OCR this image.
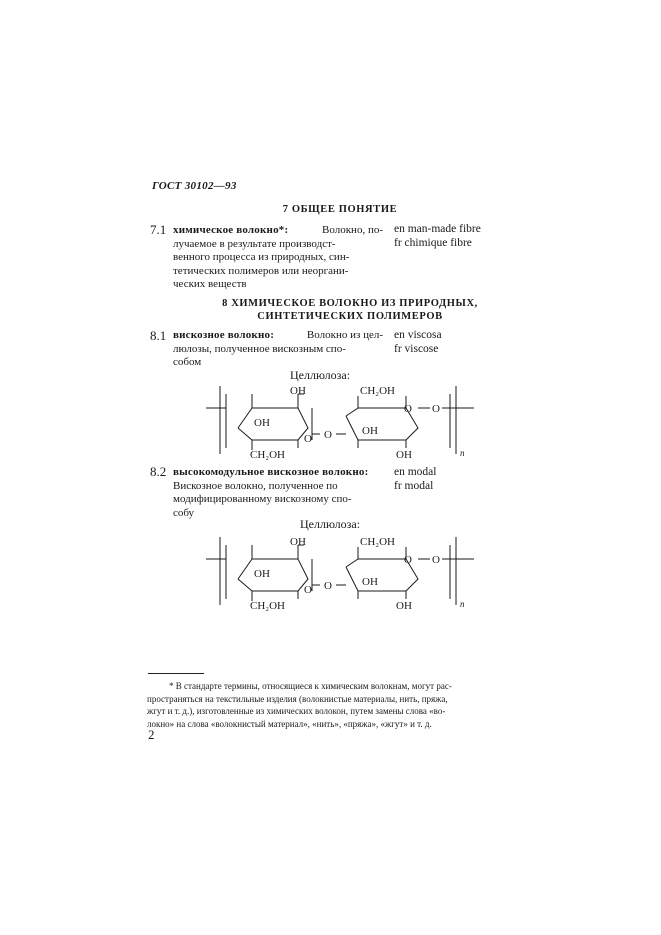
ГОСТ 30102—93
7 ОБЩЕЕ ПОНЯТИЕ
7.1 химическое волокно*:	Волокно, по-
лучаемое в результате производст-
венного процесса из природных, син-
тетических полимеров или неоргани-
ческих веществ
en man-made fibre
fr chimique fibre
8 ХИМИЧЕСКОЕ ВОЛОКНО ИЗ ПРИРОДНЫХ,
СИНТЕТИЧЕСКИХ ПОЛИМЕРОВ
8.1 вискозное волокно:	Волокно из цел-
люлозы, полученное вискозным спо-
собом
en viscosa
fr viscose
Целлюлоза:
OH
OH
O
CH₂OH
O
CH₂OH
O
OH
OH
O
n
8.2 высокомодульное вискозное волокно:
Вискозное волокно, полученное по
модифицированному вискозному спо-
собу
en modal
fr modal
Целлюлоза:
OH
OH
O
CH₂OH
O
CH₂OH
O
OH
OH
O
n
* В стандарте термины, относящиеся к химическим волокнам, могут рас-
пространяться на текстильные изделия (волокнистые материалы, нить, пряжа,
жгут и т. д.), изготовленные из химических волокон, путем замены слова «во-
локно» на слова «волокнистый материал», «нить», «пряжа», «жгут» и т. д.
2
